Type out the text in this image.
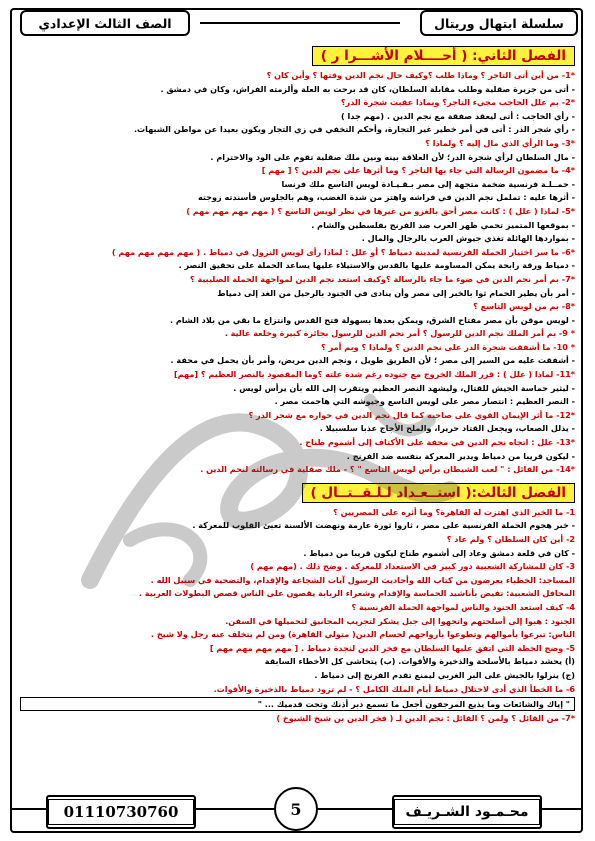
سلسلة ابتهال وريتال
الصف الثالث الإعدادي
الفصل الثاني: ( أحــــلام الأشـــرا ر )
*1- من أين أتى التاجر ؟ وماذا طلب ؟وكيف حال نجم الدين وقتها ؟ وأين كان ؟
- أتى من جزيرة صقلية وطلب مقابلة السلطان، كان قد برحت به العلة وألزمته الفراش، وكان في دمشق .
*2- بم علل الحاجب مجيء التاجر؟ وبماذا عقبت شجرة الدر؟
- رأي الحاجب : أتى ليعقد صفقة مع نجم الدين . (مهم جدا )
- رأي شجر الدر : أتى في أمر خطير غير التجارة، وأحكم التخفي في زي التجار ويكون بعيدا عن مواطن الشبهات.
*3- وما الرأي الذي مال إليه ؟ ولماذا ؟
- مال السلطان لرأي شجرة الدر؛ لأن العلاقة بينه وبين ملك صقلية تقوم على الود والاحترام .
*4- ما مضمون الرسالة التي جاء بها التاجر ؟ وما أثرها على نجم الدين ؟ [ مهم ]
- حمــلـة فرنسية ضخمة متجهة إلى مصر بـقـيـادة لويس التاسع ملك فرنسا
- أثرها عليه : تململ نجم الدين في فراشه واهتز من شدة الغضب، وهم بالجلوس فأسندته زوجته
*5- لماذا ( علل ) : كانت مصر أحق بالغزو من غيرها في نظر لويس التاسع ؟ ( مهم مهم مهم مهم )
- بموقعها المتميز تحمي ظهر العرب ضد الفرنج بفلسطين والشام .
- بمواردها الهائلة تغذي جيوش العرب بالرجال والمال .
*6- ما سر اختيار الحملة الفرنسية لمدينة دمياط ؟ أو علل : لماذا رأى لويس النزول في دمياط . ( مهم مهم مهم مهم )
- دمياط ورقة رابحة يمكن المساومة عليها بالقدس والاستيلاء عليها يساعد الحملة على تحقيق النصر .
*7- بم أمر نجم الدين في ضوء ما جاء بالرسالة ؟وكيف استعد نجم الدين لمواجهة الحملة الصليبية ؟
- أمر بأن يطير الحمام ثوا بالخبر إلى مصر وأن ينادى في الجنود بالرحيل من الغد إلى دمياط
*8- بم من لويس التاسع ؟
- لويس موقن بأن مصر مفتاح الشرق، ويمكن بعدها بسهولة فتح القدس وانتزاع ما بقي من بلاد الشام .
* 9- بم أمر الملك نجم الدين للرسول ؟ أمر نجم الدين للرسول بجائزة كبيرة وخلعة غالية .
* 10- ما أشفقت شجرة الدر على نجم الدين ؟ ولماذا ؟ وبم أمر ؟
- أشفقت عليه من السير إلى مصر ؛ لأن الطريق طويل ، ونجم الدين مريض، وأمر بأن يحمل في محفة .
*11- لماذا ( علل ) : قرر الملك الخروج مع جنوده رغم شدة علته ؟وما المقصود بالنصر العظيم ؟ [مهم]
- ليثير حماسة الجيش للقتال، وليشهد النصر العظيم ويتقرب إلى الله بأن يرأس لويس .
- النصر العظيم : انتصار مصر على لويس التاسع وجيوشه التي هاجمت مصر .
*12- ما أثر الإيمان القوي على صاحبه كما قال نجم الدين في حواره مع شجر الدر ؟
- يذلل الصعاب، ويجعل القتاد حريرا، والملح الأجاج عذبا سلسبيلا .
*13- علل : اتجاه نجم الدين في محفة على الأكتاف إلى أشموم طناح .
- ليكون قريبا من دمياط ويدير المعركة بنفسه ضد الفرنج .
*14- من القائل : " لعب الشيطان برأس لويس التاسع " ؟ - ملك صقلية في رسالته لنجم الدين .
الفصل الثالث:( استــعـداد لـلـقــتــال )
1- ما الخبر الذي اهتزت له القاهرة؟ وما أثره على المصريين ؟
- خبر هجوم الحملة الفرنسية على مصر ، ثاروا ثورة عارمة ونهضت الألسنة تعبئ القلوب للمعركة .
2- أين كان السلطان ؟ ولم عاد ؟
- كان في قلعة دمشق وعاد إلى أشموم طناح ليكون قريبا من دمياط .
3- كان للمشاركة الشعبية دور كبير في الاستعداد للمعركة . وضح ذلك . (مهم مهم )
المساجد: الخطباء يعرضون من كتاب الله وأحاديث الرسول آيات الشجاعة والإقدام، والتضحية في سبيل الله .
المحافل الشعبية: تفيض بأناشيد الحماسة والإقدام وشعراء الربابة يقصون على الناس قصص البطولات العربية .
4- كيف استعد الجنود والناس لمواجهة الحملة الفرنسية ؟
الجنود : هبوا إلى أسلحتهم واتجهوا إلى جبل يشكر لتجريب المجانيق لتحميلها في السفن.
الناس: تبرعوا بأموالهم وتطوعوا بأرواحهم لحسام الدين( متولي القاهرة) ومن لم يتخلف عنه رجل ولا شيخ .
5- وضح الخطة التي اتفق عليها السلطان مع فخر الدين لنجدة دمياط . [ مهم مهم مهم مهم ]
(أ) يحشد دمياط بالأسلحة والذخيرة والأقوات. (ب) يتحاشى كل الأخطاء السابقة
(ج) ينزلوا بالجيش على البر الغربي ليمنع تقدم الفرنج إلى دمياط .
6- ما الخطأ الذي أدى لاحتلال دمياط أيام الملك الكامل ؟ - لم تزود دمياط بالذخيرة والأقوات.
" إياك والشائعات وما يذيع المرجفون أجعل ما تسمع دبر أذنك وتحت قدميك ... "
*7- من القائل ؟ ولمن ؟ القائل : نجم الدين لـ ( فخر الدين بن شيخ الشيوخ )
01110730760	5	محـمـود الشـريـف
